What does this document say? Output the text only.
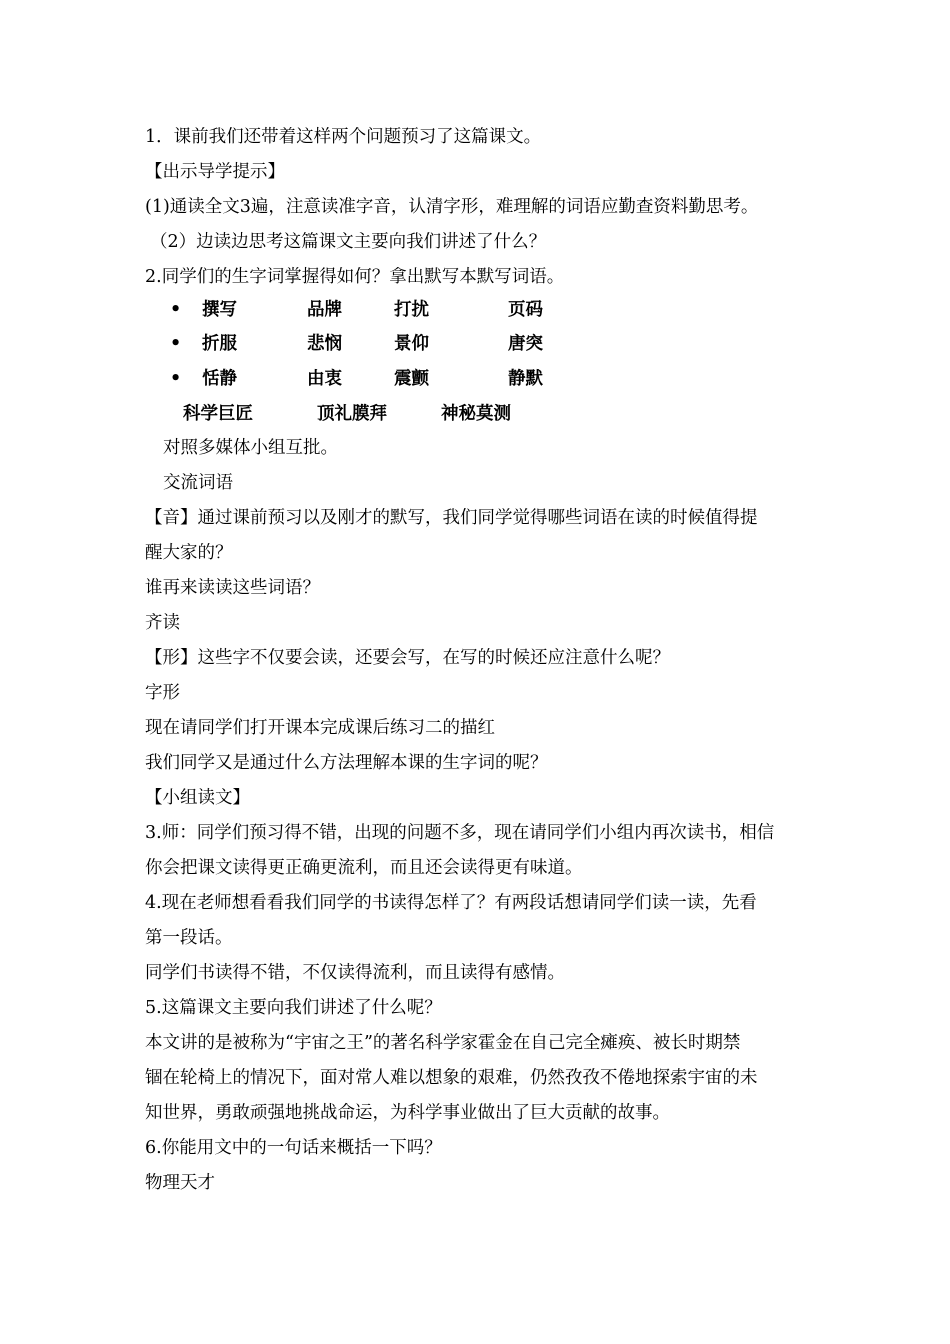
1．课前我们还带着这样两个问题预习了这篇课文。
【出示导学提示】
(1)通读全文3遍，注意读准字音，认清字形，难理解的词语应勤查资料勤思考。
（2）边读边思考这篇课文主要向我们讲述了什么？
2.同学们的生字词掌握得如何？拿出默写本默写词语。
• 撰写	品牌	打扰	页码
• 折服	悲悯	景仰	唐突
• 恬静	由衷	震颤	静默
科学巨匠	顶礼膜拜	神秘莫测
对照多媒体小组互批。
交流词语
【音】通过课前预习以及刚才的默写，我们同学觉得哪些词语在读的时候值得提
醒大家的？
谁再来读读这些词语？
齐读
【形】这些字不仅要会读，还要会写，在写的时候还应注意什么呢？
字形
现在请同学们打开课本完成课后练习二的描红
我们同学又是通过什么方法理解本课的生字词的呢？
【小组读文】
3.师：同学们预习得不错，出现的问题不多，现在请同学们小组内再次读书，相信
你会把课文读得更正确更流利，而且还会读得更有味道。
4.现在老师想看看我们同学的书读得怎样了？有两段话想请同学们读一读，先看
第一段话。
同学们书读得不错，不仅读得流利，而且读得有感情。
5.这篇课文主要向我们讲述了什么呢？
本文讲的是被称为“宇宙之王”的著名科学家霍金在自己完全瘫痪、被长时期禁
锢在轮椅上的情况下，面对常人难以想象的艰难，仍然孜孜不倦地探索宇宙的未
知世界，勇敢顽强地挑战命运，为科学事业做出了巨大贡献的故事。
6.你能用文中的一句话来概括一下吗？
物理天才
